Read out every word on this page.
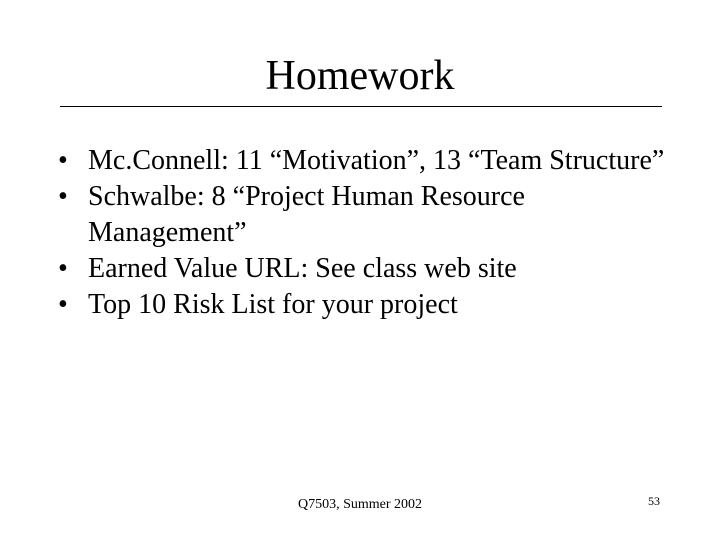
Homework
• Mc.Connell: 11 “Motivation”, 13 “Team Structure”
• Schwalbe: 8 “Project Human Resource Management”
• Earned Value URL: See class web site
• Top 10 Risk List for your project
Q7503, Summer 2002	53
